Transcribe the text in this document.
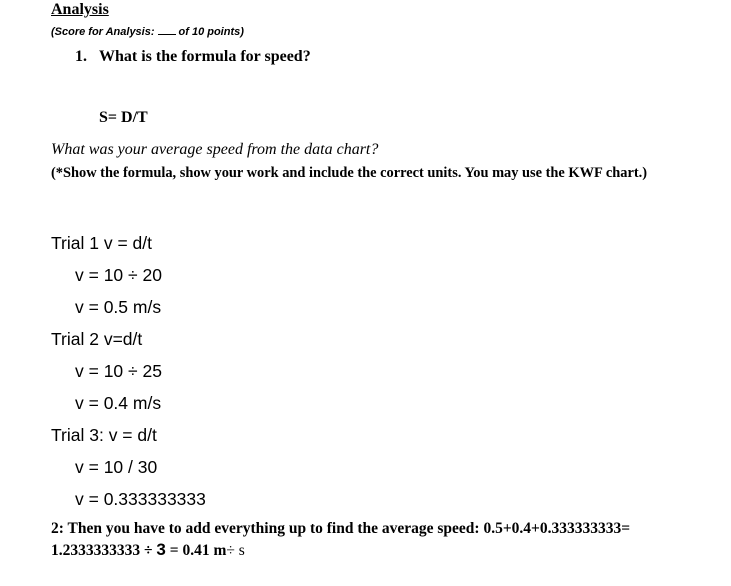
Analysis
(Score for Analysis: of 10 points)
1. What is the formula for speed?
S= D/T
What was your average speed from the data chart?
(*Show the formula, show your work and include the correct units. You may use the KWF chart.)
Trial 1 v = d/t
v = 10 ÷ 20
v = 0.5 m/s
Trial 2 v=d/t
v = 10 ÷ 25
v = 0.4 m/s
Trial 3: v = d/t
v = 10 / 30
v = 0.333333333
2: Then you have to add everything up to find the average speed: 0.5+0.4+0.333333333=
1.2333333333 ÷ 3 = 0.41 m÷ s
